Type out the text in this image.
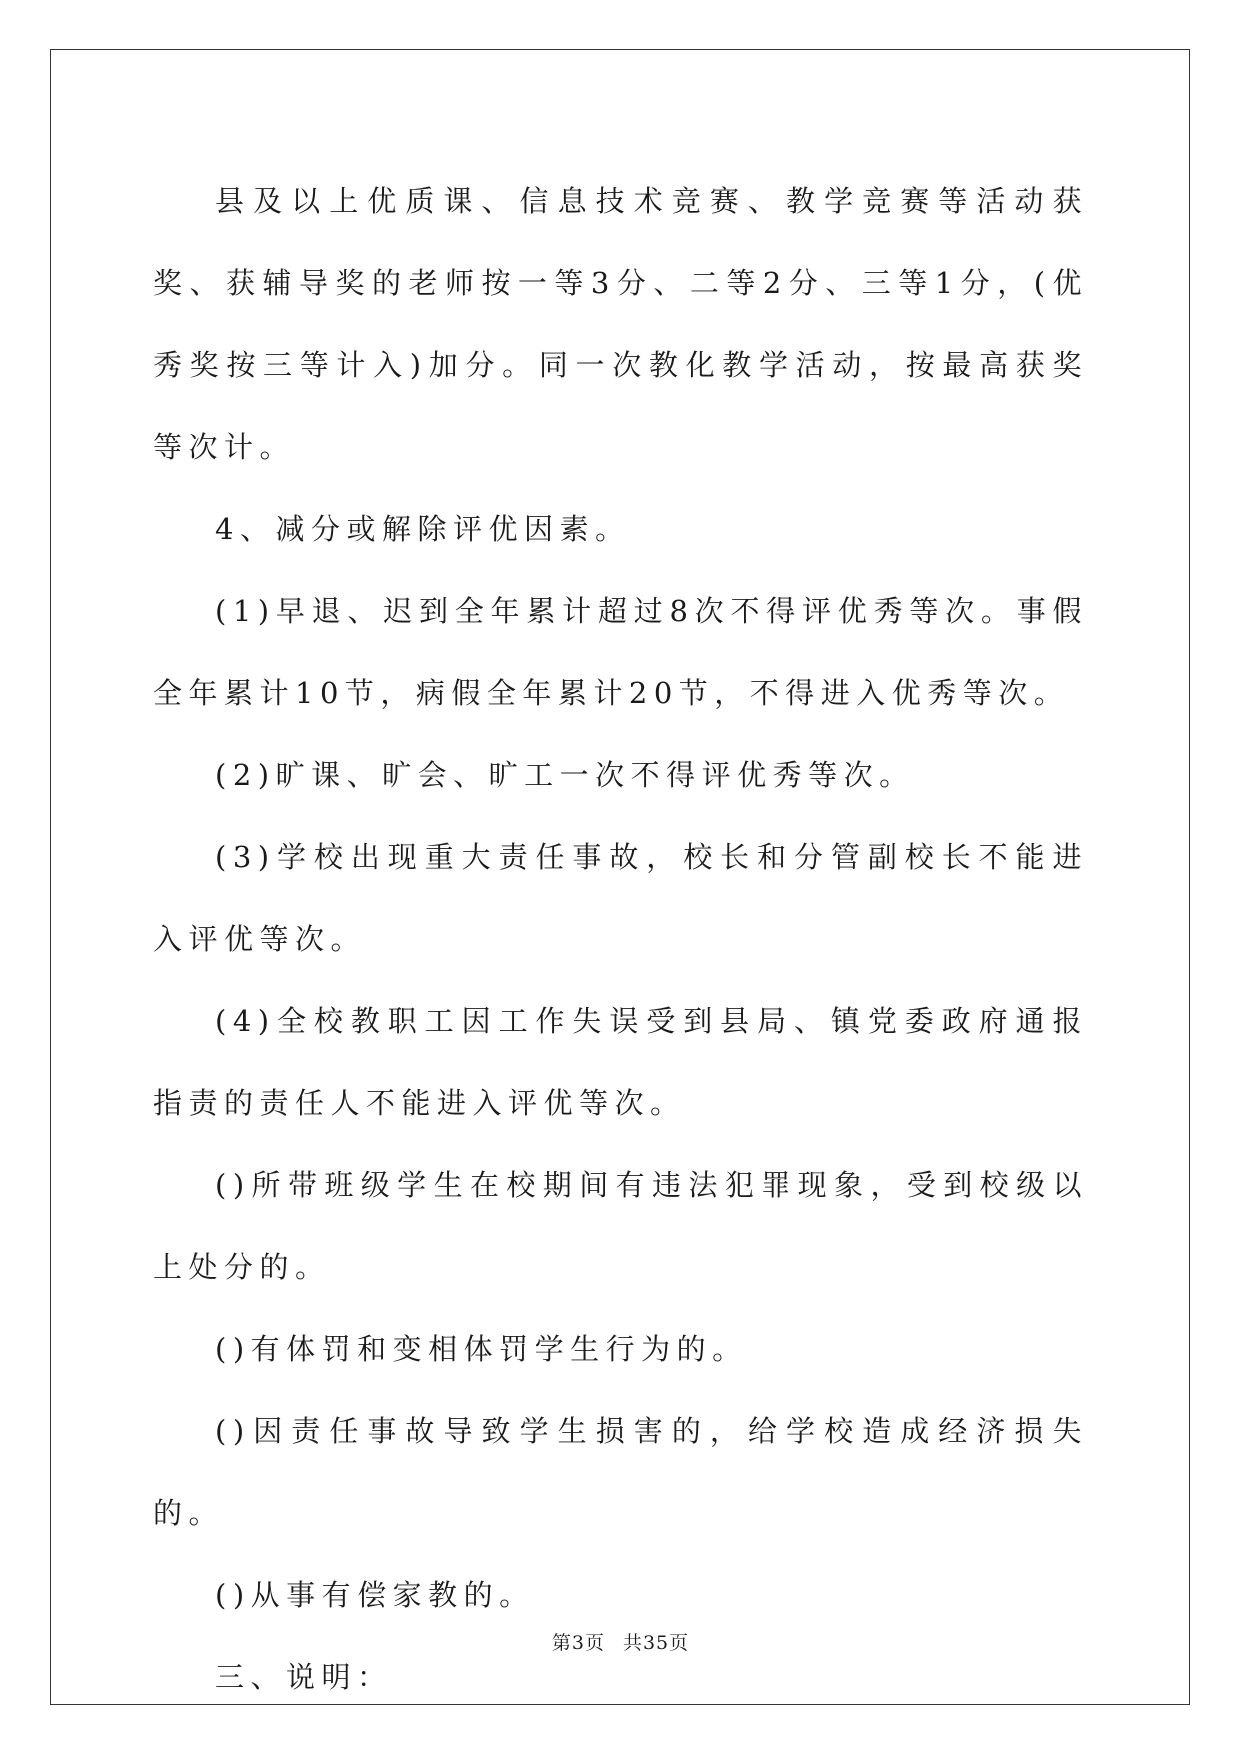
县及以上优质课、信息技术竞赛、教学竞赛等活动获奖、获辅导奖的老师按一等3分、二等2分、三等1分，(优秀奖按三等计入)加分。同一次教化教学活动，按最高获奖等次计。

4、减分或解除评优因素。

(1)早退、迟到全年累计超过8次不得评优秀等次。事假全年累计10节，病假全年累计20节，不得进入优秀等次。

(2)旷课、旷会、旷工一次不得评优秀等次。

(3)学校出现重大责任事故，校长和分管副校长不能进入评优等次。

(4)全校教职工因工作失误受到县局、镇党委政府通报指责的责任人不能进入评优等次。

()所带班级学生在校期间有违法犯罪现象，受到校级以上处分的。

()有体罚和变相体罚学生行为的。

()因责任事故导致学生损害的，给学校造成经济损失的。

()从事有偿家教的。

三、说明：

第3页 共35页
